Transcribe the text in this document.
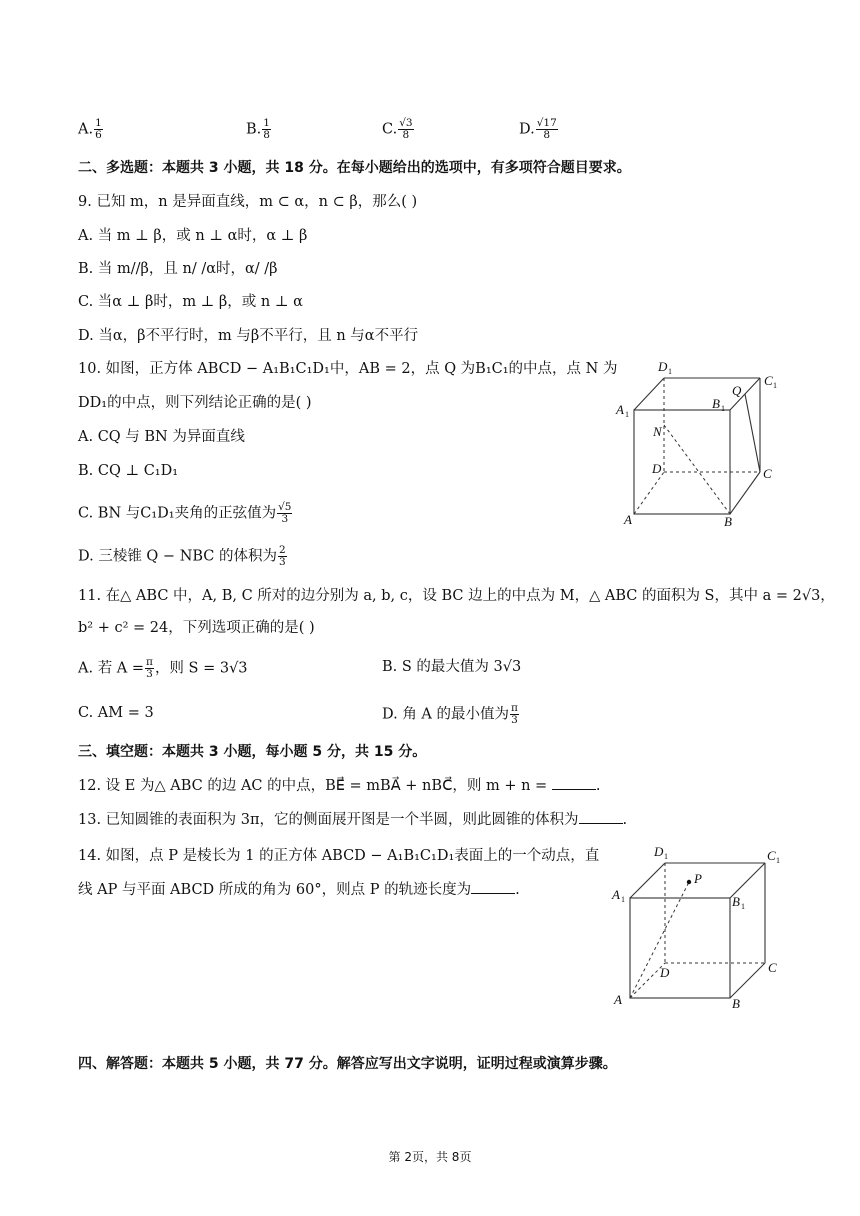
A. $\frac{1}{6}$	B. $\frac{1}{8}$	C. $\frac{√3}{8}$	D. $\frac{√17}{8}$
二、多选题：本题共 3 小题，共 18 分。在每小题给出的选项中，有多项符合题目要求。
9. 已知 m，n 是异面直线，m ⊂ α，n ⊂ β，那么( )
A. 当 m ⊥ β，或 n ⊥ α时，α ⊥ β
B. 当 m//β，且 n/ /α时，α/ /β
C. 当α ⊥ β时，m ⊥ β，或 n ⊥ α
D. 当α，β不平行时，m 与β不平行，且 n 与α不平行
10. 如图，正方体 ABCD − A₁B₁C₁D₁中，AB = 2，点 Q 为B₁C₁的中点，点 N 为
DD₁的中点，则下列结论正确的是( )
A. CQ 与 BN 为异面直线
B. CQ ⊥ C₁D₁
C. BN 与C₁D₁夹角的正弦值为 $\frac{√5}{3}$
D. 三棱锥 Q − NBC 的体积为 $\frac{2}{3}$
D 1
C 1
Q
A 1
B 1
N
D	C
A	B
11. 在△ ABC 中，A, B, C 所对的边分别为 a, b, c，设 BC 边上的中点为 M，△ ABC 的面积为 S，其中 a = 2√3，
b² + c² = 24，下列选项正确的是( )
A. 若 $A = \frac{\pi}{3}$ ，则 S = 3√3	B. S 的最大值为 3√3
C. AM = 3	D. 角 A 的最小值为 $\frac{\pi}{3}$
三、填空题：本题共 3 小题，每小题 5 分，共 15 分。
12. 设 E 为△ ABC 的边 AC 的中点，BE⃗ = mBA⃗ + nBC⃗，则 m + n =	.
13. 已知圆锥的表面积为 3π，它的侧面展开图是一个半圆，则此圆锥的体积为	.
14. 如图，点 P 是棱长为 1 的正方体 ABCD − A₁B₁C₁D₁表面上的一个动点，直
线 AP 与平面 ABCD 所成的角为 60°，则点 P 的轨迹长度为	.
D 1	C 1
P
A 1	B 1
D	C
A	B
四、解答题：本题共 5 小题，共 77 分。解答应写出文字说明，证明过程或演算步骤。
第 2页，共 8页
